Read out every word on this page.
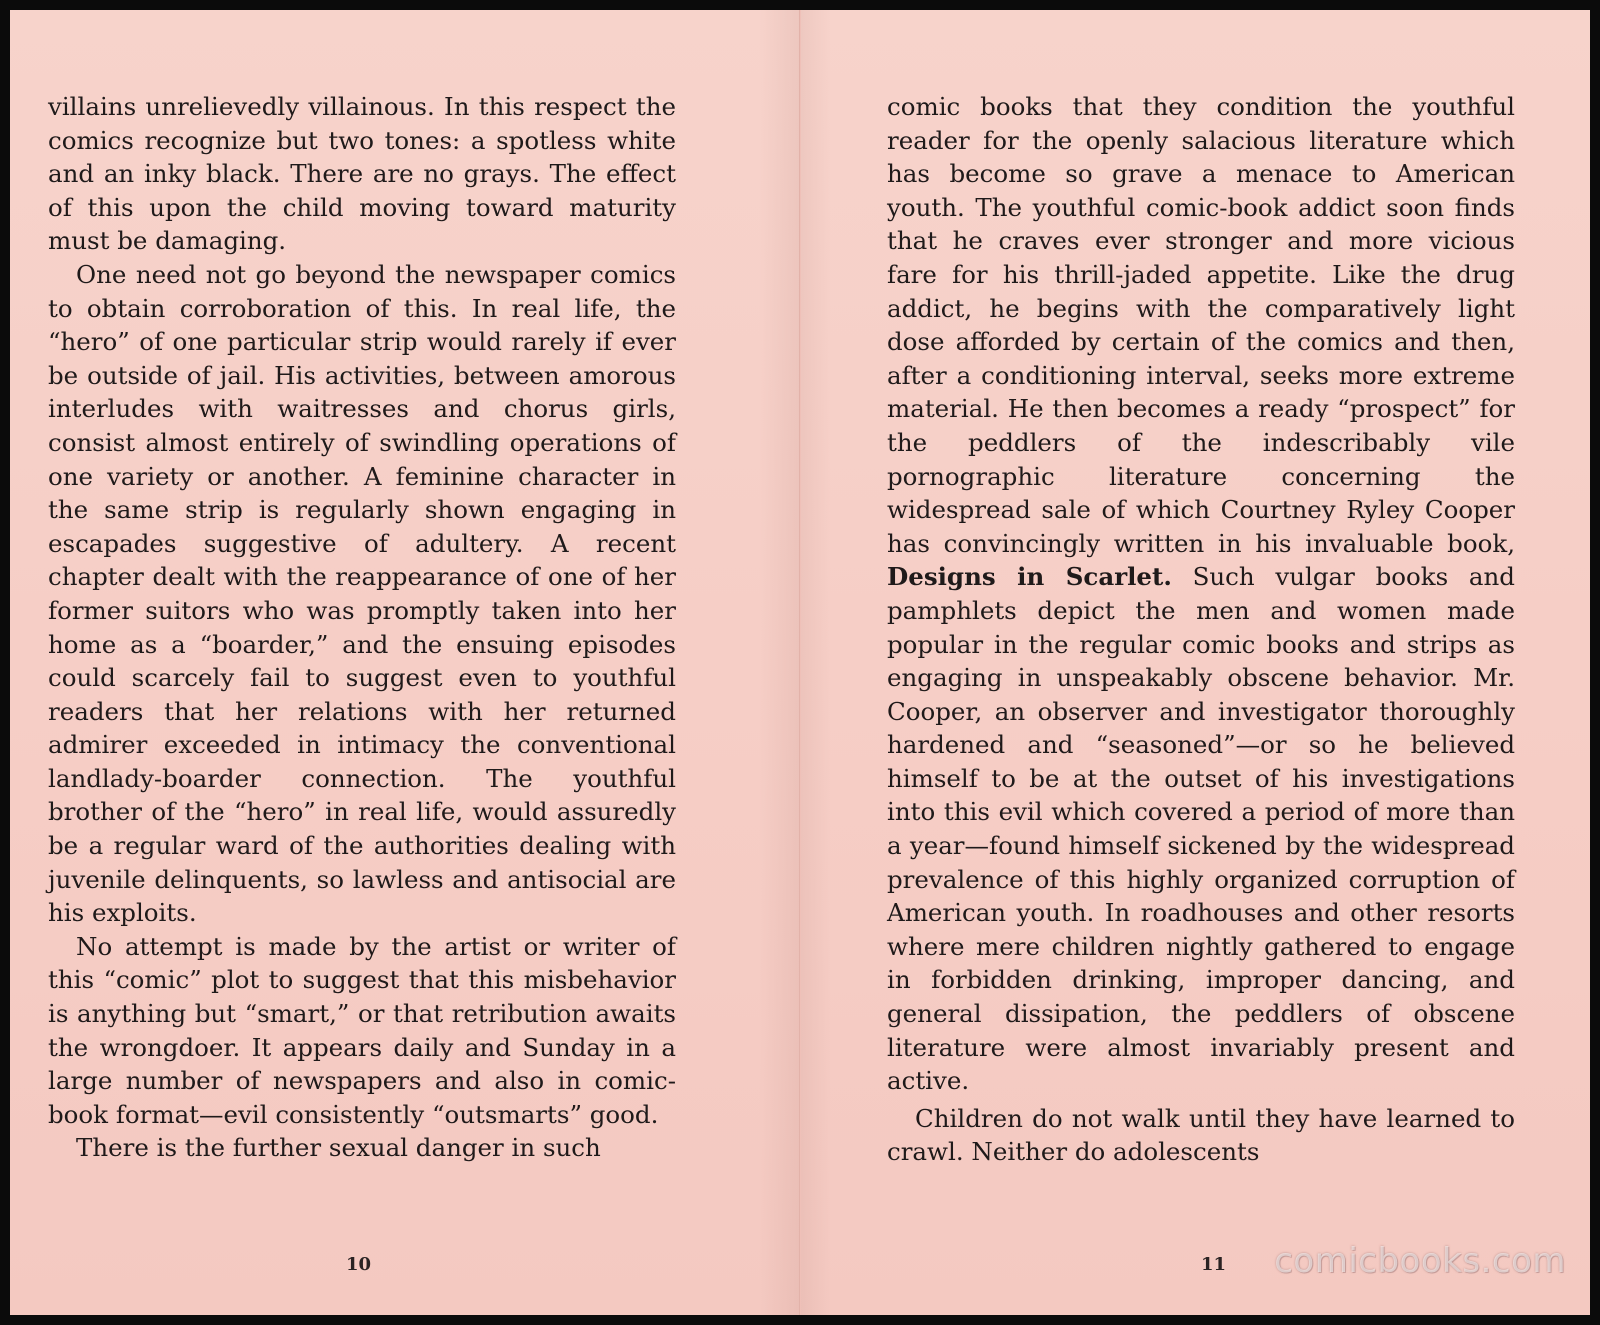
villains unrelievedly villainous. In this respect the comics recognize but two tones: a spotless white and an inky black. There are no grays. The effect of this upon the child moving toward maturity must be damaging.

One need not go beyond the newspaper comics to obtain corroboration of this. In real life, the “hero” of one particular strip would rarely if ever be outside of jail. His activities, between amorous interludes with waitresses and chorus girls, consist almost entirely of swindling operations of one variety or another. A feminine character in the same strip is regularly shown engaging in escapades suggestive of adultery. A recent chapter dealt with the reappearance of one of her former suitors who was promptly taken into her home as a “boarder,” and the ensuing episodes could scarcely fail to suggest even to youthful readers that her relations with her returned admirer exceeded in intimacy the conventional landlady-boarder connection. The youthful brother of the “hero” in real life, would assuredly be a regular ward of the authorities dealing with juvenile delinquents, so lawless and antisocial are his exploits.

No attempt is made by the artist or writer of this “comic” plot to suggest that this misbehavior is anything but “smart,” or that retribution awaits the wrongdoer. It appears daily and Sunday in a large number of newspapers and also in comic-book format—evil consistently “outsmarts” good.

There is the further sexual danger in such

10

comic books that they condition the youthful reader for the openly salacious literature which has become so grave a menace to American youth. The youthful comic-book addict soon finds that he craves ever stronger and more vicious fare for his thrill-jaded appetite. Like the drug addict, he begins with the comparatively light dose afforded by certain of the comics and then, after a conditioning interval, seeks more extreme material. He then becomes a ready “prospect” for the peddlers of the indescribably vile pornographic literature concerning the widespread sale of which Courtney Ryley Cooper has convincingly written in his invaluable book, Designs in Scarlet. Such vulgar books and pamphlets depict the men and women made popular in the regular comic books and strips as engaging in unspeakably obscene behavior. Mr. Cooper, an observer and investigator thoroughly hardened and “seasoned”—or so he believed himself to be at the outset of his investigations into this evil which covered a period of more than a year—found himself sickened by the widespread prevalence of this highly organized corruption of American youth. In roadhouses and other resorts where mere children nightly gathered to engage in forbidden drinking, improper dancing, and general dissipation, the peddlers of obscene literature were almost invariably present and active.

Children do not walk until they have learned to crawl. Neither do adolescents

11 comicbooks.com
